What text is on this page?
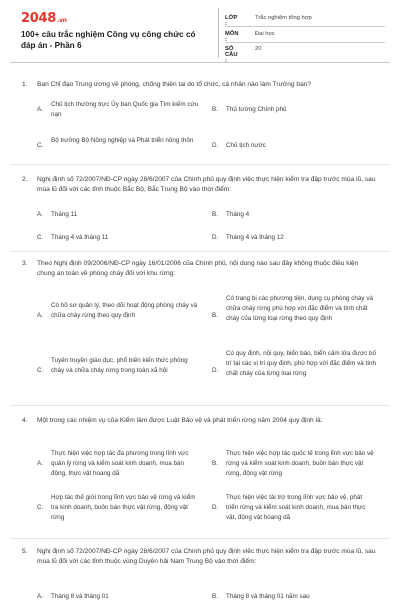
2048.vn
100+ câu trắc nghiệm Công vụ công chức có đáp án - Phần 6
LỚP :
Trắc nghiệm tổng hợp
MÔN :
Đại học
SỐ CÂU :
20
1. Ban Chỉ đạo Trung ương về phòng, chống thiên tai do tổ chức, cá nhân nào làm Trưởng ban?
A.
Chủ tịch thường trực Ủy ban Quốc gia Tìm kiếm cứu nạn
B. Thủ tướng Chính phủ
C.
Bộ trưởng Bộ Nông nghiệp và Phát triển nông thôn
D. Chủ tịch nước
2. Nghị định số 72/2007/NĐ-CP ngày 28/6/2007 của Chính phủ quy định việc thực hiện kiểm tra đập trước mùa lũ, sau mùa lũ đối với các tỉnh thuộc Bắc Bộ, Bắc Trung Bộ vào thời điểm:
A. Tháng 11	B. Tháng 4
C. Tháng 4 và tháng 11	D. Tháng 4 và tháng 12
3. Theo Nghị định 09/2006/NĐ-CP ngày 16/01/2006 của Chính phủ, nội dung nào sau đây không thuộc điều kiện chung an toàn về phòng cháy đối với khu rừng:
A.
Có hồ sơ quản lý, theo dõi hoạt động phòng cháy và chữa cháy rừng theo quy định	B.
Có trang bị các phương tiện, dụng cụ phòng cháy và chữa cháy rừng phù hợp với đặc điểm và tính chất cháy của từng loại rừng theo quy định
C.
Tuyên truyền giáo dục, phổ biến kiến thức phòng cháy và chữa cháy rừng trong toàn xã hội	D.
Có quy định, nội quy, biển báo, biển cấm lửa được bố trí tại các vị trí quy định, phù hợp với đặc điểm và tính chất cháy của từng loại rừng
4. Một trong các nhiệm vụ của Kiểm lâm được Luật Bảo vệ và phát triển rừng năm 2004 quy định là:
A.
Thực hiện việc hợp tác đa phương trong lĩnh vực quản lý rừng và kiểm soát kinh doanh, mua bán động, thực vật hoang dã
B.
Thực hiện việc hợp tác quốc tế trong lĩnh vực bảo vệ rừng và kiểm soát kinh doanh, buôn bán thực vật rừng, động vật rừng
C.
Hợp tác thế giới trong lĩnh vực bảo vệ rừng và kiểm tra kinh doanh, buôn bán thực vật rừng, động vật rừng
D.
Thực hiện việc tài trợ trong lĩnh vực bảo vệ, phát triển rừng và kiểm soát kinh doanh, mua bán thực vật, động vật hoang dã
5. Nghị định số 72/2007/NĐ-CP ngày 28/6/2007 của Chính phủ quy định việc thực hiện kiểm tra đập trước mùa lũ, sau mùa lũ đối với các tỉnh thuộc vùng Duyên hải Nam Trung Bộ vào thời điểm:
A. Tháng 8 và tháng 01	B. Tháng 8 và tháng 01 năm sau
